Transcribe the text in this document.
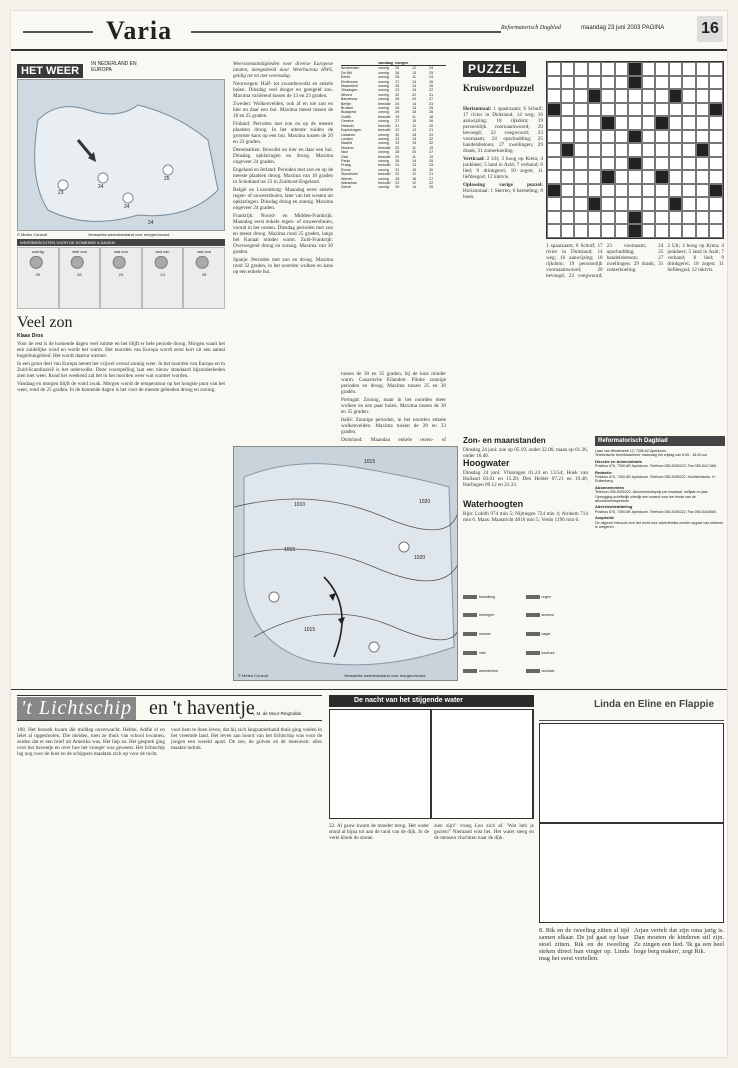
Varia	Reformatorisch Dagblad	maandag 23 juni 2003 PAGINA 16
HET WEER IN NEDERLAND EN EUROPA
23
24
24
25
24
© Meteo Consult	Verwachte weerstoestand voor morgen/avond
WEERBERICHTEN VOOR DE KOMENDE 5 DAGEN
zonnig
25
veel zon
26
wat zon
24
wat zon
24
wat zon
25
Veel zon
Klaas Dros

Voor de rest is de komende dagen veel ruimte en het blijft er hele periode droog. Morgen waait het een zuidelijke wind en wordt het warm. Het noorden van Europa wordt eerst kort uit een aantal hogedrukgebied. Het wordt daarna warmer.

In een groot deel van Europa neemt het vrijwel overal zonnig weer. In het noorden van Europa en in Zuid-Scandinavië is het onbewolkt. Deze voorspelling laat een nieuw standaard bijzonderheden zien met weer. Rond het weekend zal het in het noorden weer wat warmer worden.

Vandaag en morgen blijft de wind zwak. Morgen wordt de temperatuur op het hoogste punt van het weer, rond de 25 graden. In de komende dagen is het voor de meeste gebieden droog en zonnig.

Weersomstandigheden voor diverse Europese landen, meegedeeld door Weerbureau HWS, geldig tot en met woensdag.

Noorwegen: Half- tot zwaarbewolkt en enkele buien. Dinsdag veel droger en geregeld zon. Maxima variërend tussen de 13 en 23 graden.

Zweden: Wolkenvelden, ook af en toe zon en hier en daar een bui. Maxima meest tussen de 18 en 25 graden.

Finland: Perioden met zon en op de meeste plaatsen droog. In het uiterste zuiden de grootste kans op een bui. Maxima tussen de 20 en 23 graden.

Denemarken: Bewolkt en hier en daar een bui. Dinsdag opklaringen en droog. Maxima ongeveer 24 graden.

Engeland en Ierland: Perioden met zon en op de meeste plaatsen droog. Maxima van 18 graden in Schotland tot 23 in Zuidoost-Engeland.

België en Luxemburg: Maandag eerst enkele regen- of onweersbuien, later van het westen uit opklaringen. Dinsdag droog en zonnig. Maxima ongeveer 24 graden.

Frankrijk: Noord- en Midden-Frankrijk: Maandag eerst enkele regen- of onweersbuien, vooral in het oosten. Dinsdag perioden met zon en meest droog. Maxima rond 25 graden, langs het Kanaal minder warm. Zuid-Frankrijk: Overwegend droog en zonnig. Maxima van 30 graden.

Spanje: Perioden met zon en droog. Maxima rond 32 graden, in het noorden wolken en kans op een enkele bui.

vandaag morgen
Amsterdam	zonnig	25	12	24
De Bilt	zonnig	26	13	25
Eelde	zonnig	25	11	24
Eindhoven	zonnig	27	13	26
Maastricht	zonnig	28	14	26
Vlissingen	zonnig	23	14	22
Athene	zonnig	32	22	31
Barcelona	zonnig	28	20	27
Berlijn	bewolkt	24	14	23
Brussel	zonnig	26	13	25
Budapest	zonnig	29	16	28
Dublin	bewolkt	19	11	18
Genève	zonnig	27	15	26
Helsinki	bewolkt	21	12	20
Kopenhagen	bewolkt	22	13	21
Lissabon	zonnig	30	18	29
Londen	zonnig	23	13	22
Madrid	zonnig	33	19	32
Moskou	bewolkt	20	11	19
Nice	zonnig	28	20	27
Oslo	bewolkt	20	11	19
Parijs	zonnig	26	14	25
Praag	bewolkt	24	13	23
Rome	zonnig	31	19	30
Stockholm	bewolkt	22	12	21
Wenen	zonnig	28	16	27
Warschau	bewolkt	23	12	22
Zürich	zonnig	26	14	25
1015
1010	1020
1015
1020
1015
© Meteo Consult	Verwachte weerstoestand voor morgen/avond
PUZZEL
Kruiswoordpuzzel

Horizontaal: 1 spaarzaam; 6 Schuif; 17 rivier in Duitsland; 14 weg; 16 aanwijzing; 18 rijkdom; 19 persoonlijk voornaamwoord; 20 bevoegd; 22 voegwoord; 23 voornaam; 24 opschudding; 25 handelsbetoon; 27 zwellingen; 29 drank; 31 zomerkoeling.

Verticaal: 2 Uit; 3 hoog op Kreta; 4 jonkheer; 5 land in Azië; 7 verband; 8 lied; 9 drinkgerei; 10 zegen; 11 liefdesgod; 12 inktvis.

Oplossing vorige puzzel: Horizontaal: 1 Sterren; 6 hersteling; 8 hoen.

1 spaarzaam; 6 Schuif; 17 rivier in Duitsland; 14 weg; 16 aanwijzing; 18 rijkdom; 19 persoonlijk voornaamwoord; 20 bevoegd; 22 voegwoord; 23 voornaam; 24 opschudding; 25 handelsbetoon; 27 zwellingen; 29 drank; 31 zomerkoeling.

2 Uit; 3 hoog op Kreta; 4 jonkheer; 5 land in Azië; 7 verband; 8 lied; 9 drinkgerei; 10 zegen; 11 liefdesgod; 12 inktvis.

Zon- en maanstanden
Dinsdag 24 juni: zon op 05.19, onder 22.06; maan op 01.36, onder 16.40.
Hoogwater
Dinsdag 24 juni: Vlissingen 01.24 en 13.54; Hoek van Holland 03.01 en 15.20; Den Helder 07.21 en 19.46; Harlingen 09.12 en 21.33.
Waterhoogten
Rijn: Lobith 974 min 5; Nijmegen 724 min 4; Arnhem 714 min 6. Maas: Maastricht 4010 min 5; Venlo 1196 min 6.
bewolking	regen
motregen	sneeuw
onweer	hagel
mist	koufront
warmtefront	occlusie
Reformatorisch Dagblad
Laan van Westenenk 12, 7336 AZ Apeldoorn
Telefonische bereikbaarheid: maandag t/m vrijdag van 8.00 - 18.00 uur
Directie en Administratie
Postbus 670, 7300 AR Apeldoorn. Telefoon 055-5390222; Fax 055-5417468.
Redactie
Postbus 670, 7300 AR Apeldoorn. Telefoon 055-5390222. Hoofdredactie: H. Ruitenberg.
Abonnementen
Telefoon 055-5390222. Abonnementsprijs per kwartaal, halfjaar en jaar. Opzegging schriftelijk uiterlijk een maand voor het einde van de abonnementsperiode.
Advertentieafdeling
Postbus 670, 7300 AR Apeldoorn. Telefoon 055-5390222, Fax 055-5416660.
Acquisitie
De uitgever behoudt zich het recht voor advertenties zonder opgaaf van redenen te weigeren.
't Lichtschip en 't haventje
A. M. de Moor-Ringnalda
108. Het bezoek kwam die middag onverwacht. Hebbe, Addie el en Ielet al opgeslooten. Die meiden, toen ze thuis van school kwamen, zeiden dat er een brief uit Amerika was. Het liep zo. Het gesprek ging over het haventje en over hoe het vroeger was geweest. Het lichtschip lag nog voor de kust en de schippers maakten zich op voor de tocht.
voor hem te doen leven, dat hij zich langzamerhand thuis ging voelen in het vreemde land. Het leven aan boord van het lichtschip was voor de jongen een wereld apart. De zee, de golven en de meeuwen: alles maakte indruk.
De nacht van het stijgende water
22. Al gauw kwam de moeder terug. Het water stond al bijna tot aan de rand van de dijk. In de verte klonk de sirene.
zien zijn!' vroeg Leo zich af. 'Wat heb je gezien?' Niemand wist het. Het water steeg en de mensen vluchtten naar de dijk.
Linda en Eline en Flappie
8. Rik en de tweeling zitten al tijd samen elkaar. De juf gaat op haar stoel zitten. Rik en de tweeling steken direct hun vinger op. Linda mag het eerst vertellen.
Arjan vertelt dat zijn oma jarig is. Dan moeten de kinderen stil zijn. Ze zingen een lied. 'Ik ga een heel hoge berg maken', zegt Rik.

tussen de 30 en 35 graden, bij de kust minder warm. Canarische Eilanden: Flinke zonnige perioden en droog. Maxima tussen 25 en 30 graden.

Portugal: Zonnig, maar in het noorden meer wolken en een paar buien. Maxima tussen de 30 en 35 graden.

Italië: Zonnige perioden, in het noorden enkele wolkenvelden. Maxima tussen de 28 en 33 graden.

Duitsland: Maandag enkele regen- of
